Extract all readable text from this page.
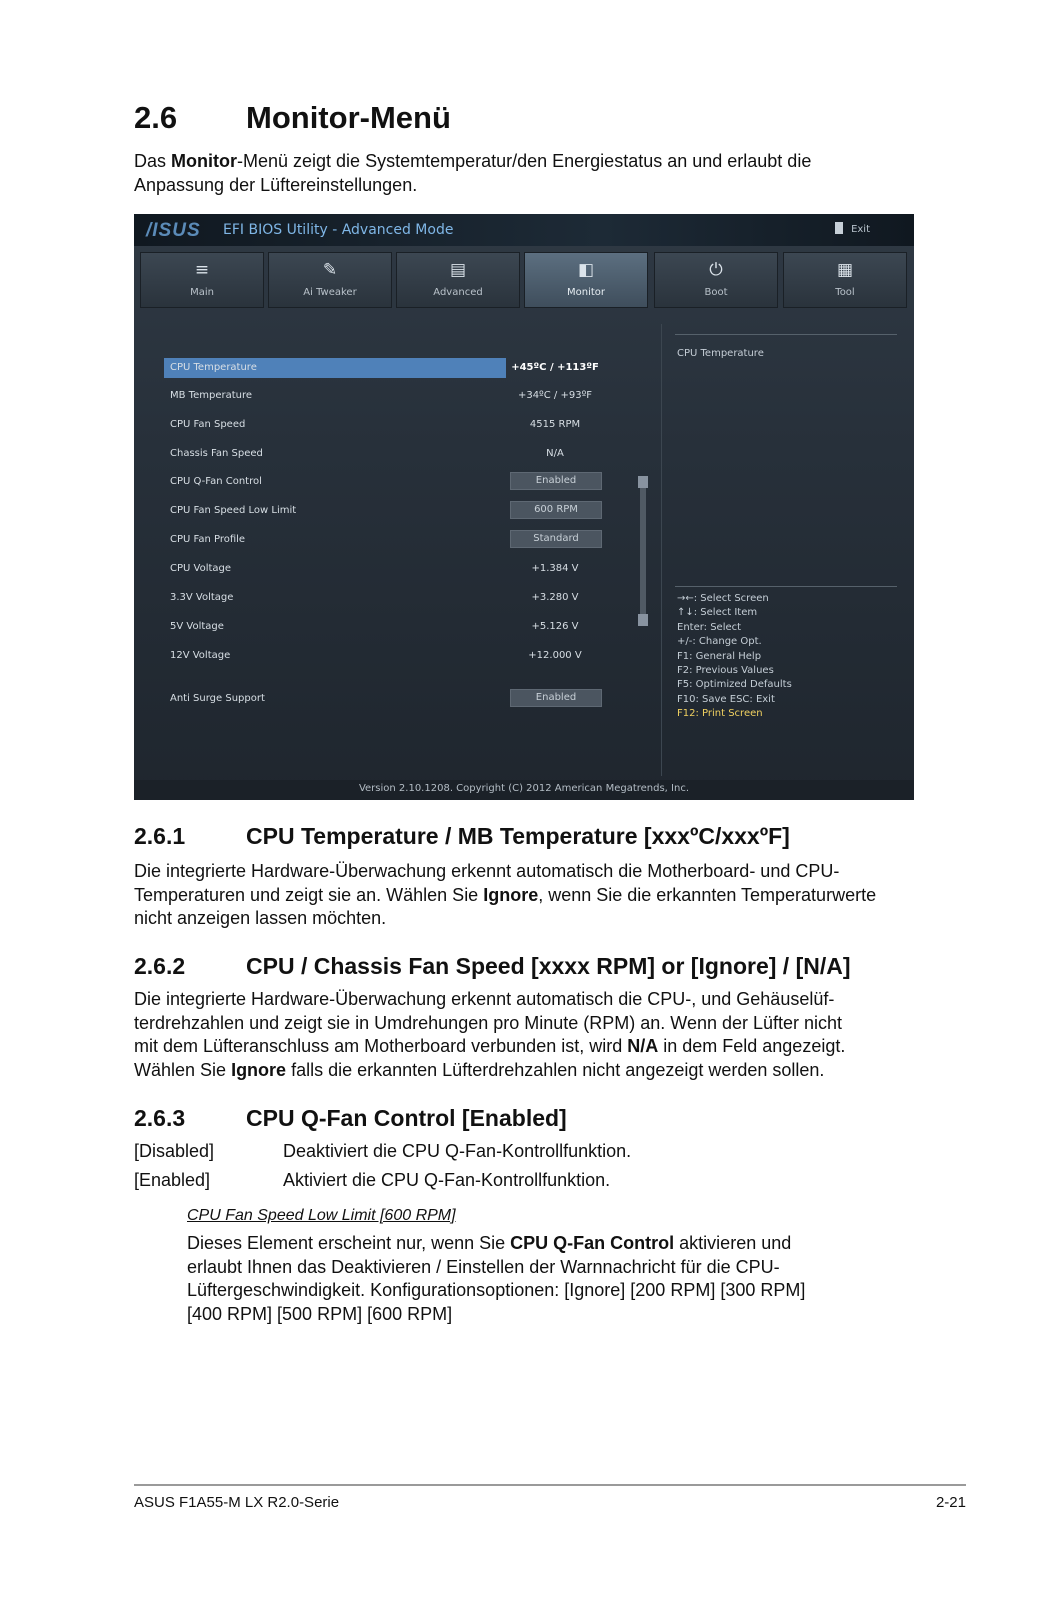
2.6 Monitor-Menü
Das Monitor-Menü zeigt die Systemtemperatur/den Energiestatus an und erlaubt die
Anpassung der Lüftereinstellungen.
/ISUS EFI BIOS Utility - Advanced Mode	Exit
≡
Main
✎
Ai Tweaker
▤
Advanced
◧
Monitor
⏻
Boot
▦
Tool
CPU Temperature	+45ºC / +113ºF
MB Temperature	+34ºC / +93ºF
CPU Fan Speed	4515 RPM
Chassis Fan Speed	N/A
CPU Q-Fan Control	Enabled
CPU Fan Speed Low Limit	600 RPM
CPU Fan Profile	Standard
CPU Voltage	+1.384 V
3.3V Voltage	+3.280 V
5V Voltage	+5.126 V
12V Voltage	+12.000 V
Anti Surge Support	Enabled
CPU Temperature
→←: Select Screen
↑↓: Select Item
Enter: Select
+/-: Change Opt.
F1: General Help
F2: Previous Values
F5: Optimized Defaults
F10: Save ESC: Exit
F12: Print Screen
Version 2.10.1208. Copyright (C) 2012 American Megatrends, Inc.
2.6.1	CPU Temperature / MB Temperature [xxxºC/xxxºF]
Die integrierte Hardware-Überwachung erkennt automatisch die Motherboard- und CPU-
Temperaturen und zeigt sie an. Wählen Sie Ignore, wenn Sie die erkannten Temperaturwerte
nicht anzeigen lassen möchten.
2.6.2	CPU / Chassis Fan Speed [xxxx RPM] or [Ignore] / [N/A]
Die integrierte Hardware-Überwachung erkennt automatisch die CPU-, und Gehäuselüf-
terdrehzahlen und zeigt sie in Umdrehungen pro Minute (RPM) an. Wenn der Lüfter nicht
mit dem Lüfteranschluss am Motherboard verbunden ist, wird N/A in dem Feld angezeigt.
Wählen Sie Ignore falls die erkannten Lüfterdrehzahlen nicht angezeigt werden sollen.
2.6.3	CPU Q-Fan Control [Enabled]
[Disabled]	Deaktiviert die CPU Q-Fan-Kontrollfunktion.
[Enabled]	Aktiviert die CPU Q-Fan-Kontrollfunktion.
CPU Fan Speed Low Limit [600 RPM]
Dieses Element erscheint nur, wenn Sie CPU Q-Fan Control aktivieren und
erlaubt Ihnen das Deaktivieren / Einstellen der Warnnachricht für die CPU-
Lüftergeschwindigkeit. Konfigurationsoptionen: [Ignore] [200 RPM] [300 RPM]
[400 RPM] [500 RPM] [600 RPM]
ASUS F1A55-M LX R2.0-Serie	2-21
